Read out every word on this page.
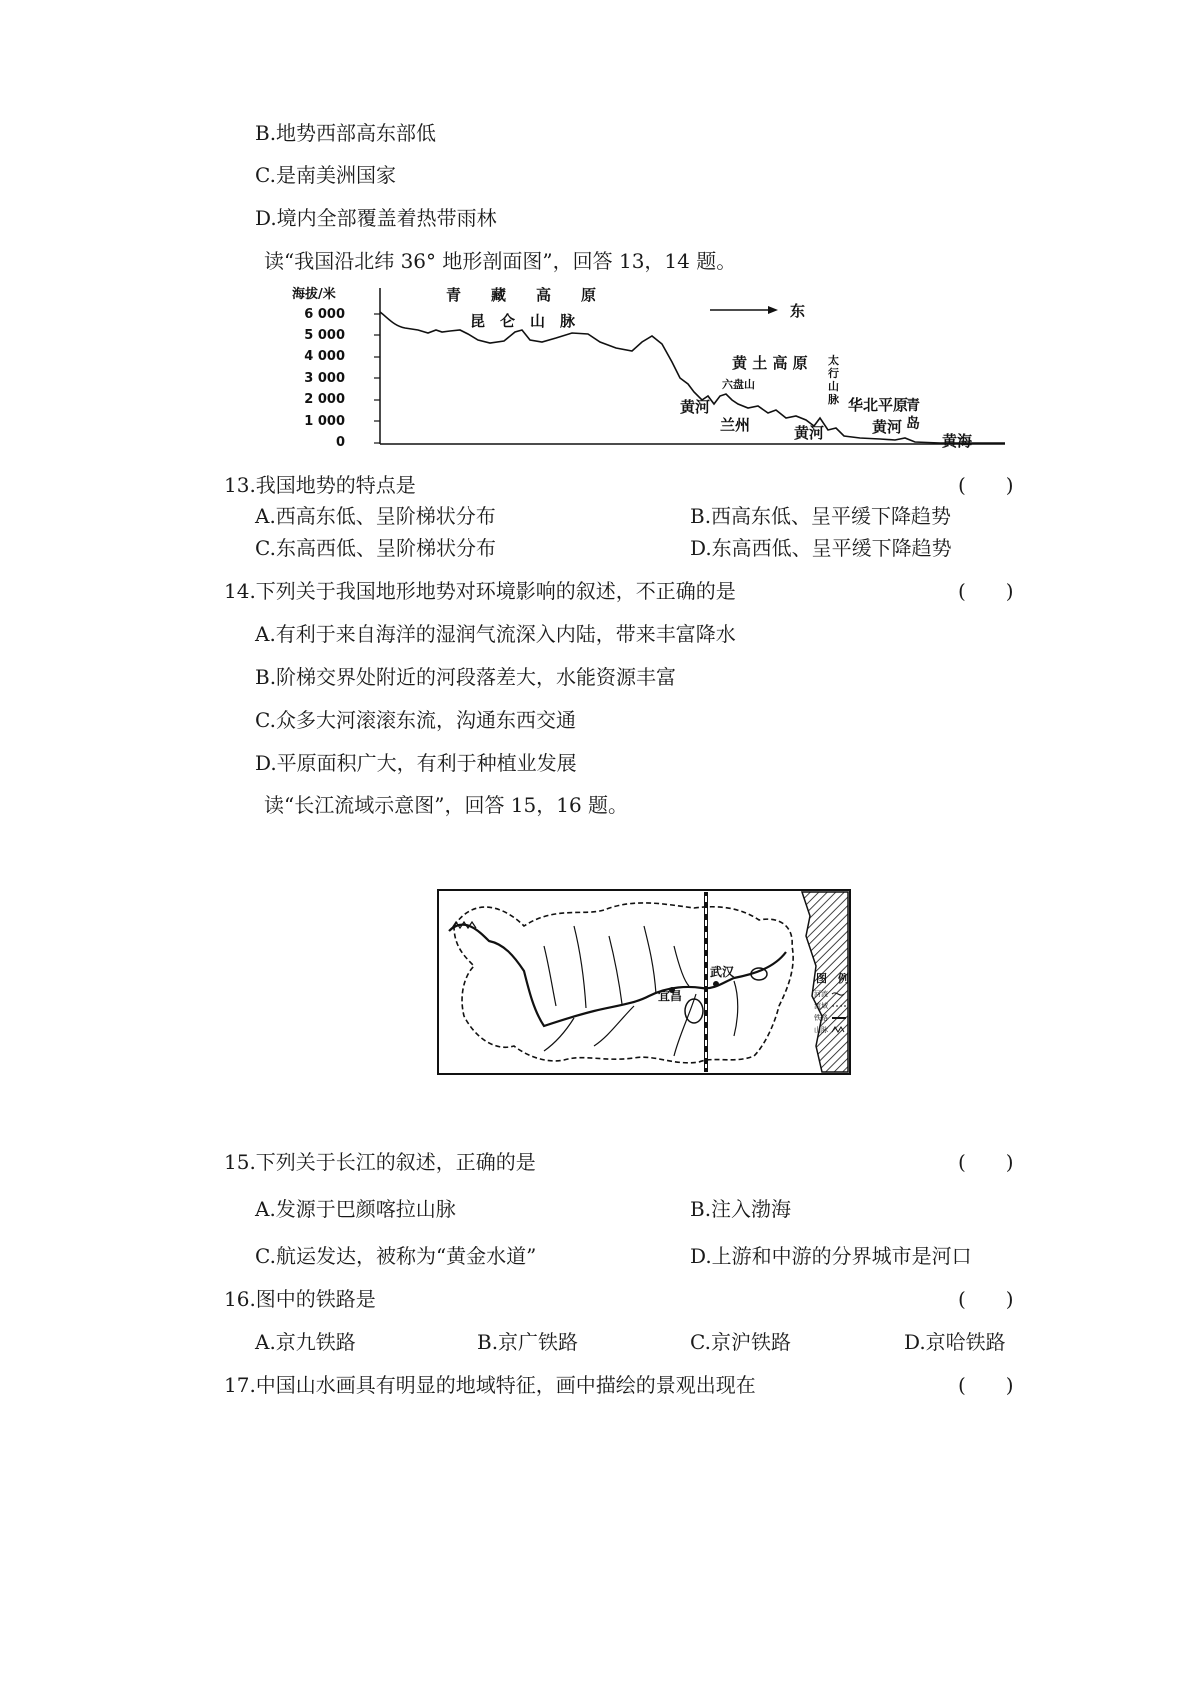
B.地势西部高东部低
C.是南美洲国家
D.境内全部覆盖着热带雨林
读“我国沿北纬 36° 地形剖面图”，回答 13，14 题。
海拔/米
6 000
5 000
4 000
3 000
2 000
1 000
0
青　　藏　　高　　原
昆　仑　山　脉
东
黄 土 高 原
黄河
兰州	黄河
华北平原
黄河
黄海
六盘山
太
行
山
脉	青
岛
13.我国地势的特点是	(　　)
A.西高东低、呈阶梯状分布	B.西高东低、呈平缓下降趋势
C.东高西低、呈阶梯状分布	D.东高西低、呈平缓下降趋势
14.下列关于我国地形地势对环境影响的叙述，不正确的是	(　　)
A.有利于来自海洋的湿润气流深入内陆，带来丰富降水
B.阶梯交界处附近的河段落差大，水能资源丰富
C.众多大河滚滚东流，沟通东西交通
D.平原面积广大，有利于种植业发展
读“长江流域示意图”，回答 15，16 题。
武汉
宜昌
图　例
河流
流域
铁路
山脉
15.下列关于长江的叙述，正确的是	(　　)
A.发源于巴颜喀拉山脉	B.注入渤海
C.航运发达，被称为“黄金水道”	D.上游和中游的分界城市是河口
16.图中的铁路是	(　　)
A.京九铁路	B.京广铁路	C.京沪铁路	D.京哈铁路
17.中国山水画具有明显的地域特征，画中描绘的景观出现在	(　　)
